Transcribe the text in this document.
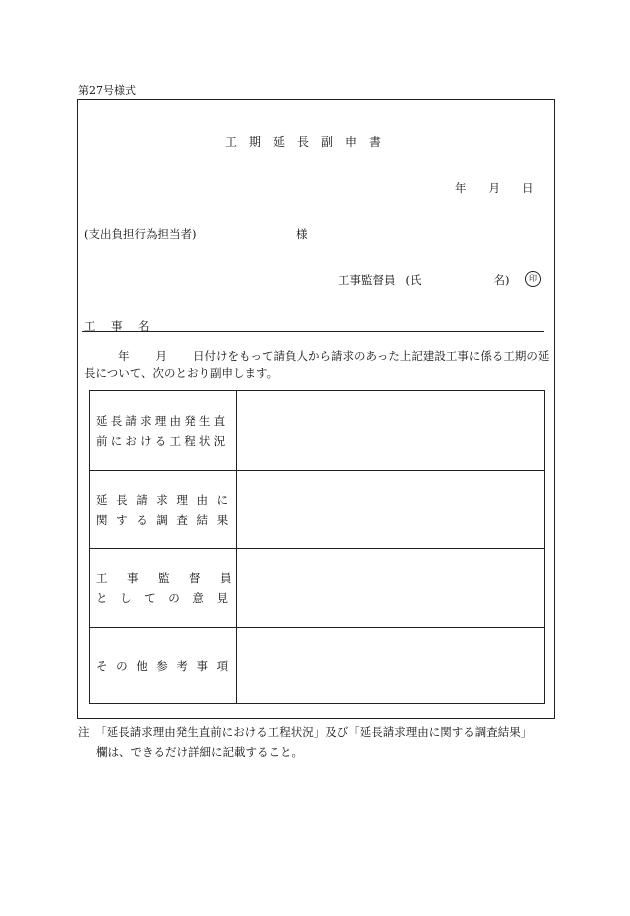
第27号様式
工 期 延 長 副 申 書
年 月 日
(支出負担行為担当者)	様
工事監督員 (氏	名)	印
工 事 名
年 月 日付けをもって請負人から請求のあった上記建設工事に係る工期の延長について、次のとおり副申します。
延長請求理由発生直
前における工程状況
延長請求理由に
関する調査結果
工事監督員
としての意見
その他参考事項
注　「延長請求理由発生直前における工程状況」及び「延長請求理由に関する調査結果」
欄は、できるだけ詳細に記載すること。
